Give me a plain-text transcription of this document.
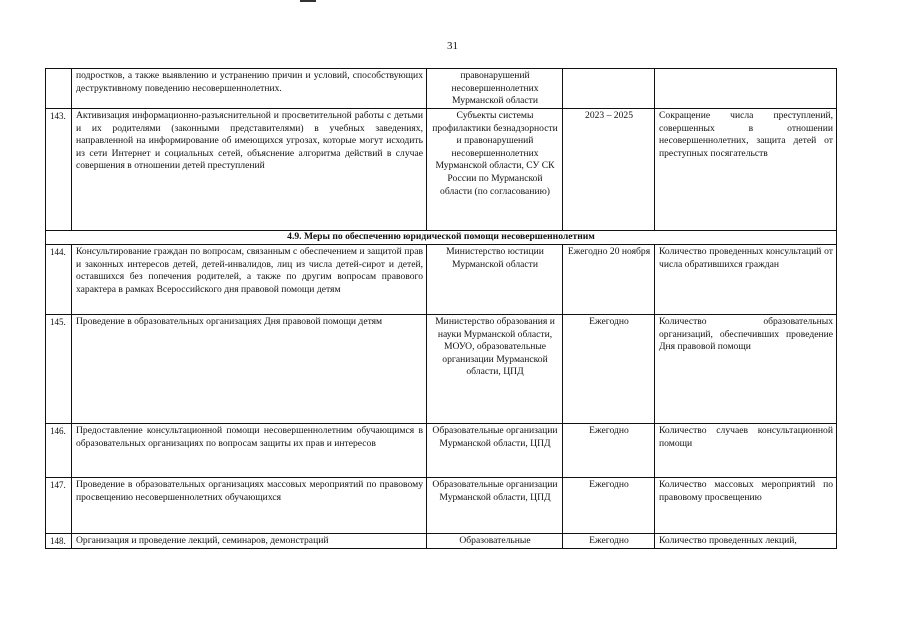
31
	подростков, а также выявлению и устранению причин и условий, способствующих деструктивному поведению несовершеннолетних.	правонарушений несовершеннолетних Мурманской области		
143.	Активизация информационно-разъяснительной и просветительной работы с детьми и их родителями (законными представителями) в учебных заведениях, направленной на информирование об имеющихся угрозах, которые могут исходить из сети Интернет и социальных сетей, объяснение алгоритма действий в случае совершения в отношении детей преступлений	Субъекты системы профилактики безнадзорности и правонарушений несовершеннолетних Мурманской области, СУ СК России по Мурманской области (по согласованию)	2023 – 2025	Сокращение числа преступлений, совершенных в отношении несовершеннолетних, защита детей от преступных посягательств
4.9. Меры по обеспечению юридической помощи несовершеннолетним				
144.	Консультирование граждан по вопросам, связанным с обеспечением и защитой прав и законных интересов детей, детей-инвалидов, лиц из числа детей-сирот и детей, оставшихся без попечения родителей, а также по другим вопросам правового характера в рамках Всероссийского дня правовой помощи детям	Министерство юстиции Мурманской области	Ежегодно 20 ноября	Количество проведенных консультаций от числа обратившихся граждан
145.	Проведение в образовательных организациях Дня правовой помощи детям	Министерство образования и науки Мурманской области, МОУО, образовательные организации Мурманской области, ЦПД	Ежегодно	Количество образовательных организаций, обеспечивших проведение Дня правовой помощи
146.	Предоставление консультационной помощи несовершеннолетним обучающимся в образовательных организациях по вопросам защиты их прав и интересов	Образовательные организации Мурманской области, ЦПД	Ежегодно	Количество случаев консультационной помощи
147.	Проведение в образовательных организациях массовых мероприятий по правовому просвещению несовершеннолетних обучающихся	Образовательные организации Мурманской области, ЦПД	Ежегодно	Количество массовых мероприятий по правовому просвещению
148.	Организация и проведение лекций, семинаров, демонстраций	Образовательные	Ежегодно	Количество проведенных лекций,
